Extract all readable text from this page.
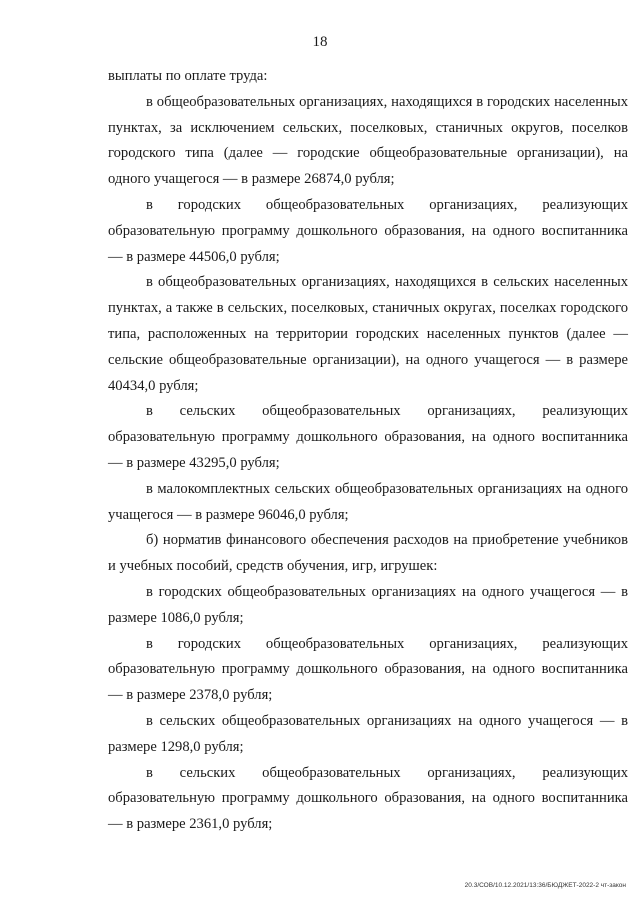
18

выплаты по оплате труда:

в общеобразовательных организациях, находящихся в городских населенных пунктах, за исключением сельских, поселковых, станичных округов, поселков городского типа (далее — городские общеобразовательные организации), на одного учащегося — в размере 26874,0 рубля;

в городских общеобразовательных организациях, реализующих образовательную программу дошкольного образования, на одного воспитанника — в размере 44506,0 рубля;

в общеобразовательных организациях, находящихся в сельских населенных пунктах, а также в сельских, поселковых, станичных округах, поселках городского типа, расположенных на территории городских населенных пунктов (далее — сельские общеобразовательные организации), на одного учащегося — в размере 40434,0 рубля;

в сельских общеобразовательных организациях, реализующих образовательную программу дошкольного образования, на одного воспитанника — в размере 43295,0 рубля;

в малокомплектных сельских общеобразовательных организациях на одного учащегося — в размере 96046,0 рубля;

б) норматив финансового обеспечения расходов на приобретение учебников и учебных пособий, средств обучения, игр, игрушек:

в городских общеобразовательных организациях на одного учащегося — в размере 1086,0 рубля;

в городских общеобразовательных организациях, реализующих образовательную программу дошкольного образования, на одного воспитанника — в размере 2378,0 рубля;

в сельских общеобразовательных организациях на одного учащегося — в размере 1298,0 рубля;

в сельских общеобразовательных организациях, реализующих образовательную программу дошкольного образования, на одного воспитанника — в размере 2361,0 рубля;

20.3/СОВ/10.12.2021/13:36/БЮДЖЕТ-2022-2 чт-закон
